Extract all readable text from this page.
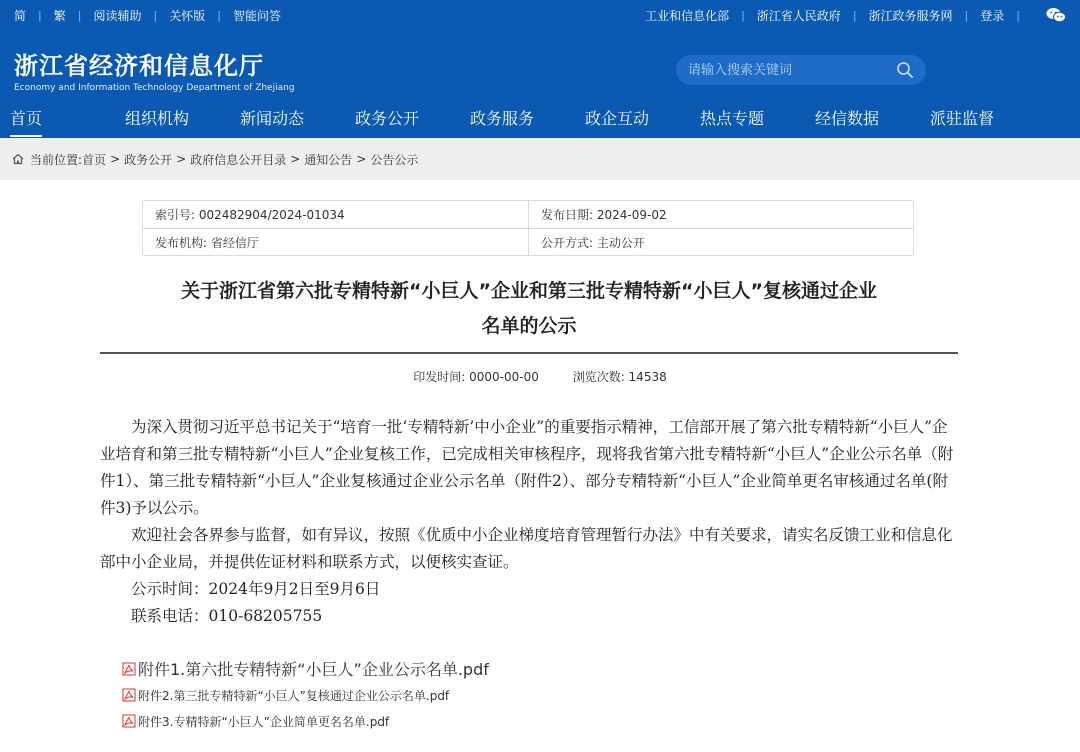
简 | 繁 | 阅读辅助 | 关怀版 | 智能问答	工业和信息化部 | 浙江省人民政府 | 浙江政务服务网 | 登录 |
浙江省经济和信息化厅
Economy and Information Technology Department of Zhejiang
请输入搜索关键词
首页	组织机构	新闻动态	政务公开	政务服务	政企互动	热点专题	经信数据	派驻监督
当前位置: 首页 > 政务公开 > 政府信息公开目录 > 通知公告 > 公告公示
索引号: 002482904/2024-01034	发布日期: 2024-09-02
发布机构: 省经信厅	公开方式: 主动公开
关于浙江省第六批专精特新“小巨人”企业和第三批专精特新“小巨人”复核通过企业
名单的公示
印发时间: 0000-00-00	浏览次数: 14538

为深入贯彻习近平总书记关于“培育一批‘专精特新’中小企业”的重要指示精神，工信部开展了第六批专精特新“小巨人”企业培育和第三批专精特新“小巨人”企业复核工作，已完成相关审核程序，现将我省第六批专精特新“小巨人”企业公示名单（附件1）、第三批专精特新“小巨人”企业复核通过企业公示名单（附件2）、部分专精特新“小巨人”企业简单更名审核通过名单(附件3)予以公示。

欢迎社会各界参与监督，如有异议，按照《优质中小企业梯度培育管理暂行办法》中有关要求，请实名反馈工业和信息化部中小企业局，并提供佐证材料和联系方式，以便核实查证。

公示时间：2024年9月2日至9月6日

联系电话：010-68205755

附件1.第六批专精特新“小巨人”企业公示名单.pdf
附件2.第三批专精特新“小巨人”复核通过企业公示名单.pdf
附件3.专精特新“小巨人”企业简单更名名单.pdf
